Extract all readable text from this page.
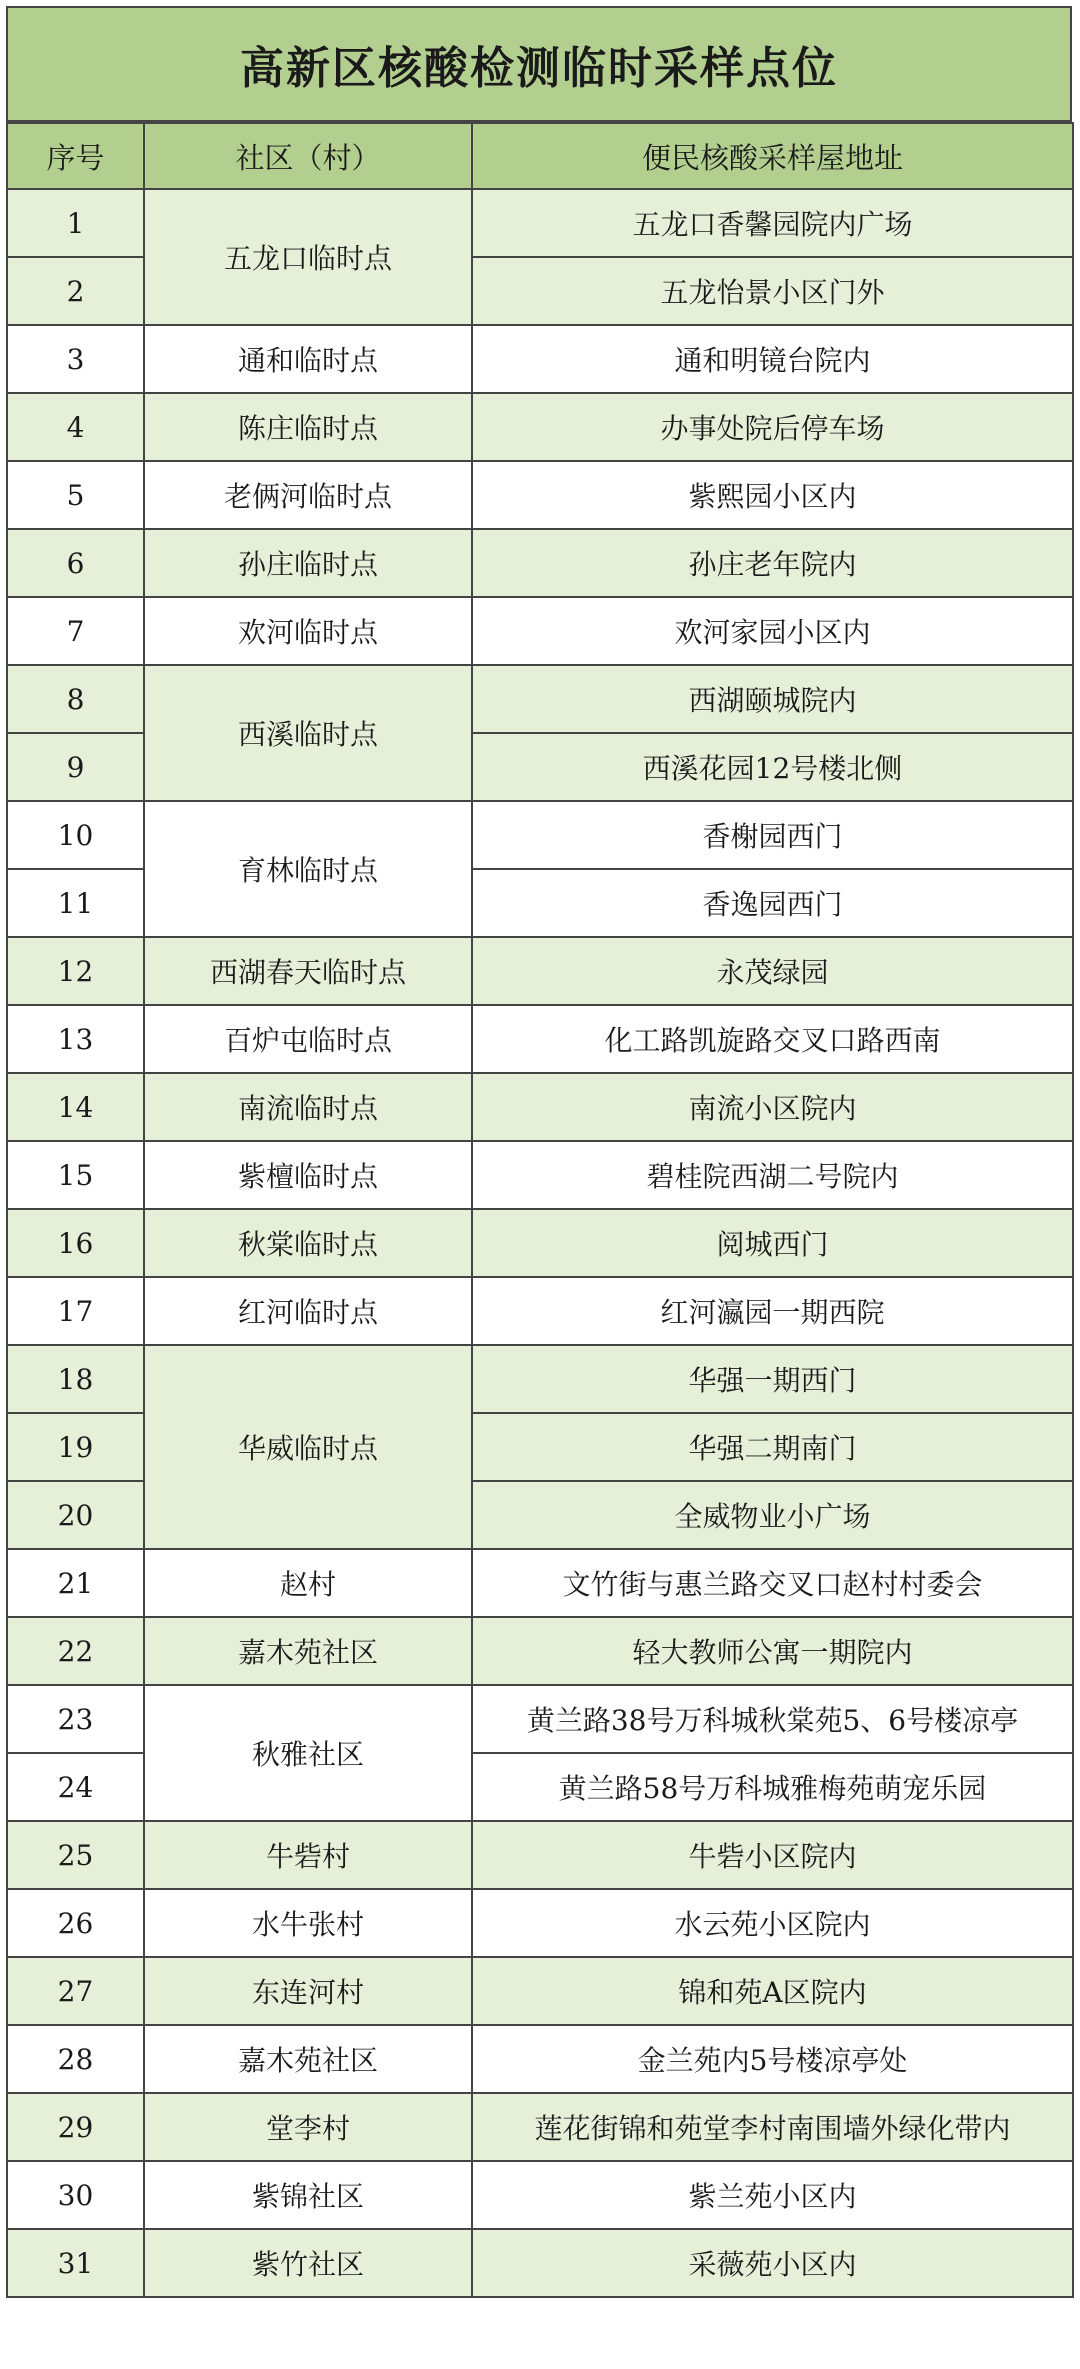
高新区核酸检测临时采样点位
序号	社区（村）	便民核酸采样屋地址
1	五龙口临时点	五龙口香馨园院内广场
2		五龙怡景小区门外
3	通和临时点	通和明镜台院内
4	陈庄临时点	办事处院后停车场
5	老俩河临时点	紫熙园小区内
6	孙庄临时点	孙庄老年院内
7	欢河临时点	欢河家园小区内
8	西溪临时点	西湖颐城院内
9		西溪花园12号楼北侧
10	育林临时点	香榭园西门
11		香逸园西门
12	西湖春天临时点	永茂绿园
13	百炉屯临时点	化工路凯旋路交叉口路西南
14	南流临时点	南流小区院内
15	紫檀临时点	碧桂院西湖二号院内
16	秋棠临时点	阅城西门
17	红河临时点	红河瀛园一期西院
18	华威临时点	华强一期西门
19		华强二期南门
20		全威物业小广场
21	赵村	文竹街与惠兰路交叉口赵村村委会
22	嘉木苑社区	轻大教师公寓一期院内
23	秋雅社区	黄兰路38号万科城秋棠苑5、6号楼凉亭
24		黄兰路58号万科城雅梅苑萌宠乐园
25	牛砦村	牛砦小区院内
26	水牛张村	水云苑小区院内
27	东连河村	锦和苑A区院内
28	嘉木苑社区	金兰苑内5号楼凉亭处
29	堂李村	莲花街锦和苑堂李村南围墙外绿化带内
30	紫锦社区	紫兰苑小区内
31	紫竹社区	采薇苑小区内
